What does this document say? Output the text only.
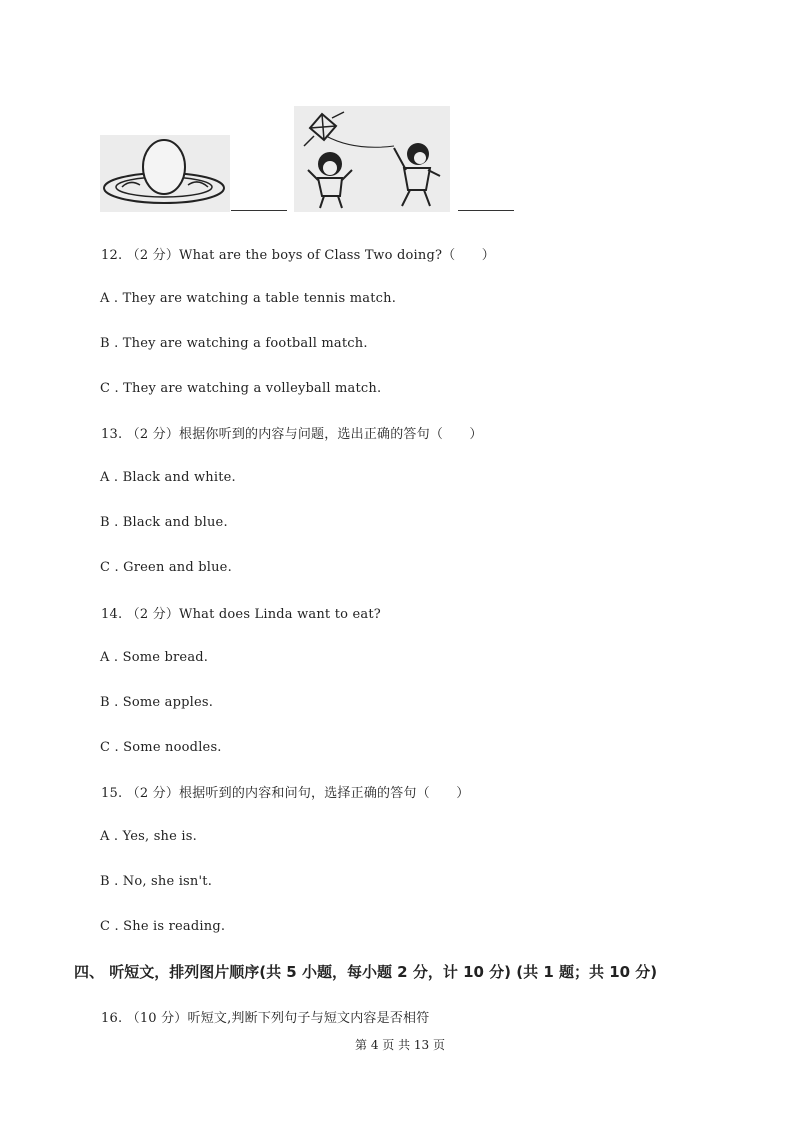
12. （2 分）What are the boys of Class Two doing?（　　）
A . They are watching a table tennis match.
B . They are watching a football match.
C . They are watching a volleyball match.
13. （2 分）根据你听到的内容与问题，选出正确的答句（　　）
A . Black and white.
B . Black and blue.
C . Green and blue.
14. （2 分）What does Linda want to eat?
A . Some bread.
B . Some apples.
C . Some noodles.
15. （2 分）根据听到的内容和问句，选择正确的答句（　　）
A . Yes, she is.
B . No, she isn't.
C . She is reading.
四、 听短文，排列图片顺序(共 5 小题，每小题 2 分，计 10 分) (共 1 题；共 10 分)
16. （10 分）听短文,判断下列句子与短文内容是否相符
第 4 页 共 13 页
